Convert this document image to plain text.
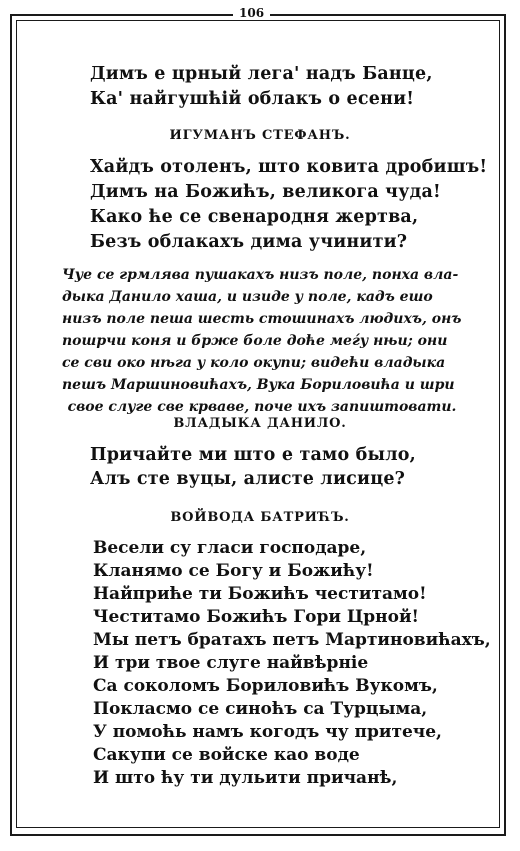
106
Димъ е црный лега' надъ Банце,
Ка' найгушћій облакъ о есени!
ИГУМАНЪ СТЕФАНЪ.
Хайдъ отоленъ, што ковита дробишъ!
Димъ на Божићъ, великога чуда!
Како ће се свенародня жертва,
Безъ облакахъ дима учинити?
Чуе се грмлява пушакахъ низъ поле, понха вла-
дыка Данило хаша, и изиде у поле, кадъ ешо
низъ поле пеша шесть стошинахъ людихъ, онъ
пошрчи коня и брже боле доће меѓу нњи; они
се сви око нѣга у коло окупи; видећи владыка
пешъ Маршиновићахъ, Вука Бориловића и шри
свое слуге све крваве, пoчe uxъ запиштовати.
ВЛАДЫКА ДАНИЛО.
Причайте ми што е тамо было,
Алъ сте вуцы, алисте лисице?
ВОЙВОДА БАТРИЋЪ.
Весели су гласи господаре,
Кланямо се Богу и Божићу!
Найприће ти Божићъ честитамо!
Честитамо Божићъ Гори Црной!
Мы петъ братахъ петъ Мартиновићахъ,
И три твое слуге найвѣрніе
Са соколомъ Бориловићъ Вукомъ,
Покласмо се синоћъ са Турцыма,
У помоћь намъ когодъ чу притече,
Сакупи се войске као воде
И што ћу ти дульити причанѣ,
